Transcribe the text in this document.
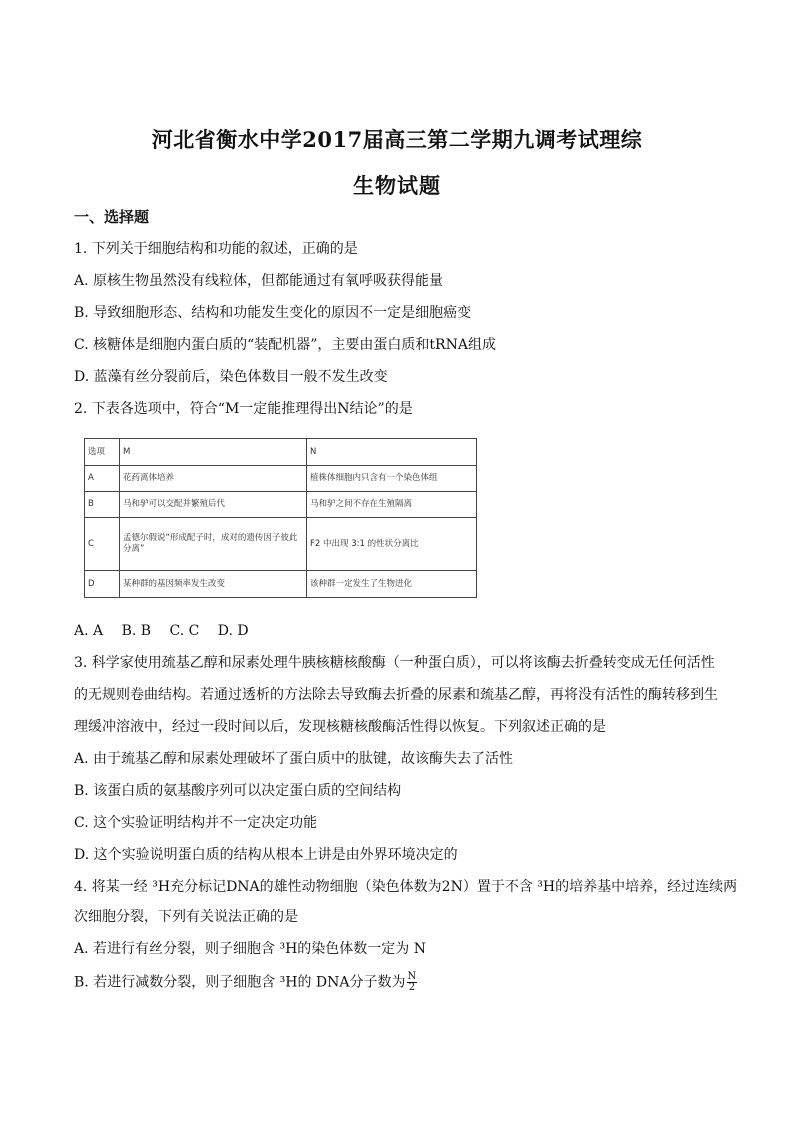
河北省衡水中学2017届高三第二学期九调考试理综
生物试题
一、选择题
1. 下列关于细胞结构和功能的叙述，正确的是
A. 原核生物虽然没有线粒体，但都能通过有氧呼吸获得能量
B. 导致细胞形态、结构和功能发生变化的原因不一定是细胞癌变
C. 核糖体是细胞内蛋白质的“装配机器”，主要由蛋白质和tRNA组成
D. 蓝藻有丝分裂前后，染色体数目一般不发生改变
2. 下表各选项中，符合“M一定能推理得出N结论”的是
选项	M	N
A	花药离体培养	植株体细胞内只含有一个染色体组
B	马和驴可以交配并繁殖后代	马和驴之间不存在生殖隔离
C	孟德尔假说“形成配子时，成对的遗传因子彼此分离”	F2 中出现 3:1 的性状分离比
D	某种群的基因频率发生改变	该种群一定发生了生物进化
A. A　 B. B　 C. C　 D. D
3. 科学家使用巯基乙醇和尿素处理牛胰核糖核酸酶（一种蛋白质），可以将该酶去折叠转变成无任何活性
的无规则卷曲结构。若通过透析的方法除去导致酶去折叠的尿素和巯基乙醇，再将没有活性的酶转移到生
理缓冲溶液中，经过一段时间以后，发现核糖核酸酶活性得以恢复。下列叙述正确的是
A. 由于巯基乙醇和尿素处理破坏了蛋白质中的肽键，故该酶失去了活性
B. 该蛋白质的氨基酸序列可以决定蛋白质的空间结构
C. 这个实验证明结构并不一定决定功能
D. 这个实验说明蛋白质的结构从根本上讲是由外界环境决定的
4. 将某一经 ³H充分标记DNA的雄性动物细胞（染色体数为2N）置于不含 ³H的培养基中培养，经过连续两
次细胞分裂，下列有关说法正确的是
A. 若进行有丝分裂，则子细胞含 ³H的染色体数一定为 N
B. 若进行减数分裂，则子细胞含 ³H的 DNA分子数为 $\frac{N}{2}$
